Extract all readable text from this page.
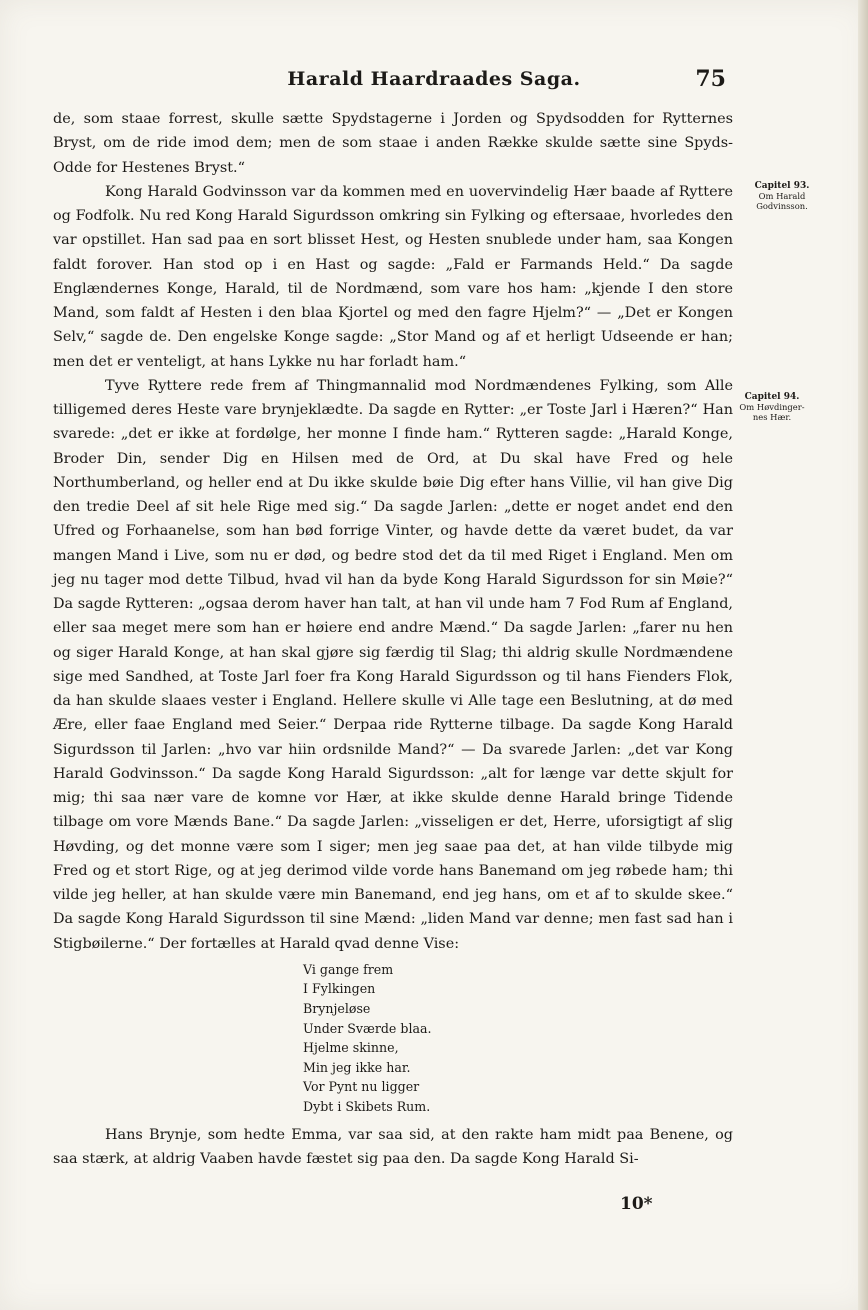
Harald Haardraades Saga.	75

de, som staae forrest, skulle sætte Spydstagerne i Jorden og Spydsodden for Rytternes Bryst, om de ride imod dem; men de som staae i anden Række skulde sætte sine Spyds-Odde for Hestenes Bryst.“

Kong Harald Godvinsson var da kommen med en uovervindelig Hær baade af Ryttere og Fodfolk. Nu red Kong Harald Sigurdsson omkring sin Fylking og eftersaae, hvorledes den var opstillet. Han sad paa en sort blisset Hest, og Hesten snublede under ham, saa Kongen faldt forover. Han stod op i en Hast og sagde: „Fald er Farmands Held.“ Da sagde Englændernes Konge, Harald, til de Nordmænd, som vare hos ham: „kjende I den store Mand, som faldt af Hesten i den blaa Kjortel og med den fagre Hjelm?“ — „Det er Kongen Selv,“ sagde de. Den engelske Konge sagde: „Stor Mand og af et herligt Udseende er han; men det er venteligt, at hans Lykke nu har forladt ham.“

Tyve Ryttere rede frem af Thingmannalid mod Nordmændenes Fylking, som Alle tilligemed deres Heste vare brynjeklædte. Da sagde en Rytter: „er Toste Jarl i Hæren?“ Han svarede: „det er ikke at fordølge, her monne I finde ham.“ Rytteren sagde: „Harald Konge, Broder Din, sender Dig en Hilsen med de Ord, at Du skal have Fred og hele Northumberland, og heller end at Du ikke skulde bøie Dig efter hans Villie, vil han give Dig den tredie Deel af sit hele Rige med sig.“ Da sagde Jarlen: „dette er noget andet end den Ufred og Forhaanelse, som han bød forrige Vinter, og havde dette da været budet, da var mangen Mand i Live, som nu er død, og bedre stod det da til med Riget i England. Men om jeg nu tager mod dette Tilbud, hvad vil han da byde Kong Harald Sigurdsson for sin Møie?“ Da sagde Rytteren: „ogsaa derom haver han talt, at han vil unde ham 7 Fod Rum af England, eller saa meget mere som han er høiere end andre Mænd.“ Da sagde Jarlen: „farer nu hen og siger Harald Konge, at han skal gjøre sig færdig til Slag; thi aldrig skulle Nordmændene sige med Sandhed, at Toste Jarl foer fra Kong Harald Sigurdsson og til hans Fienders Flok, da han skulde slaaes vester i England. Hellere skulle vi Alle tage een Beslutning, at dø med Ære, eller faae England med Seier.“ Derpaa ride Rytterne tilbage. Da sagde Kong Harald Sigurdsson til Jarlen: „hvo var hiin ordsnilde Mand?“ — Da svarede Jarlen: „det var Kong Harald Godvinsson.“ Da sagde Kong Harald Sigurdsson: „alt for længe var dette skjult for mig; thi saa nær vare de komne vor Hær, at ikke skulde denne Harald bringe Tidende tilbage om vore Mænds Bane.“ Da sagde Jarlen: „visseligen er det, Herre, uforsigtigt af slig Høvding, og det monne være som I siger; men jeg saae paa det, at han vilde tilbyde mig Fred og et stort Rige, og at jeg derimod vilde vorde hans Banemand om jeg røbede ham; thi vilde jeg heller, at han skulde være min Banemand, end jeg hans, om et af to skulde skee.“ Da sagde Kong Harald Sigurdsson til sine Mænd: „liden Mand var denne; men fast sad han i Stigbøilerne.“ Der fortælles at Harald qvad denne Vise:

Vi gange frem
I Fylkingen
Brynjeløse
Under Sværde blaa.
Hjelme skinne,
Min jeg ikke har.
Vor Pynt nu ligger
Dybt i Skibets Rum.

Hans Brynje, som hedte Emma, var saa sid, at den rakte ham midt paa Benene, og saa stærk, at aldrig Vaaben havde fæstet sig paa den. Da sagde Kong Harald Si-

Capitel 93.
Om Harald
Godvinsson.
Capitel 94.
Om Høvdinger-
nes Hær.
10*
